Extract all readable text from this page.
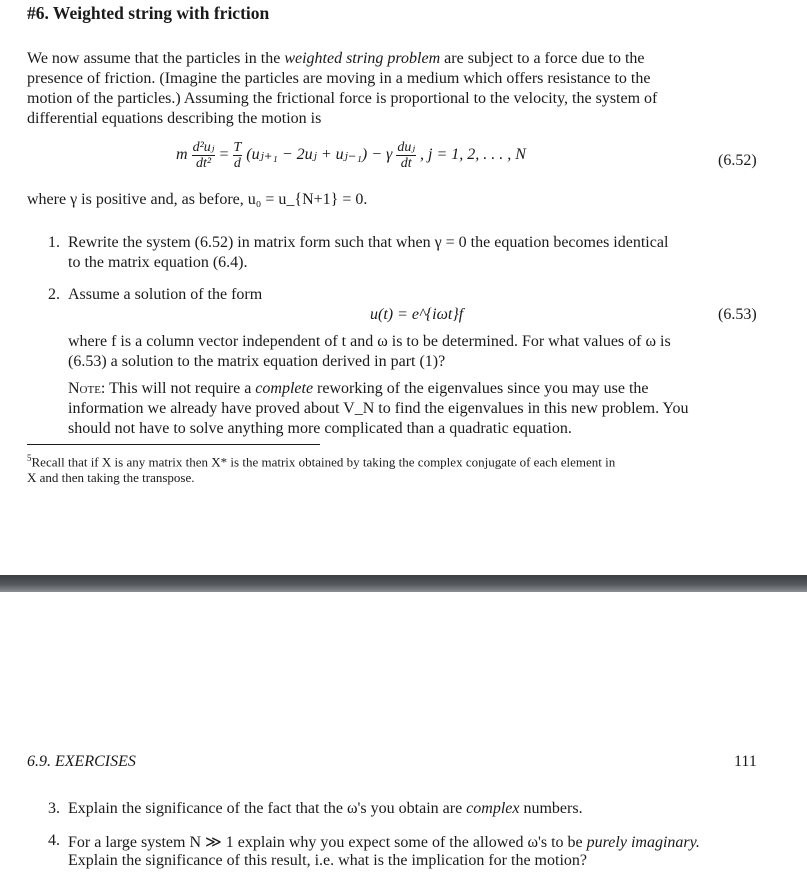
#6. Weighted string with friction
We now assume that the particles in the weighted string problem are subject to a force due to the
presence of friction. (Imagine the particles are moving in a medium which offers resistance to the
motion of the particles.) Assuming the frictional force is proportional to the velocity, the system of
differential equations describing the motion is
m $\frac{\text{d²uⱼ}}{\text{dt²}} = \frac{T}{d}$ (uⱼ₊₁ − 2uⱼ + uⱼ₋₁) − γ $\frac{\text{duⱼ}}{dt}$ , j = 1, 2, . . . , N	(6.52)
where γ is positive and, as before, u₀ = u_{N+1} = 0.
1. Rewrite the system (6.52) in matrix form such that when γ = 0 the equation becomes identical
to the matrix equation (6.4).
2. Assume a solution of the form
u(t) = e^{iωt}f	(6.53)
where f is a column vector independent of t and ω is to be determined. For what values of ω is
(6.53) a solution to the matrix equation derived in part (1)?
Note: This will not require a complete reworking of the eigenvalues since you may use the
information we already have proved about V_N to find the eigenvalues in this new problem. You
should not have to solve anything more complicated than a quadratic equation.
$^5$Recall that if X is any matrix then X* is the matrix obtained by taking the complex conjugate of each element in
X and then taking the transpose.
6.9. EXERCISES	111
3. Explain the significance of the fact that the ω's you obtain are complex numbers.
4. For a large system N ≫ 1 explain why you expect some of the allowed ω's to be purely imaginary.
Explain the significance of this result, i.e. what is the implication for the motion?
